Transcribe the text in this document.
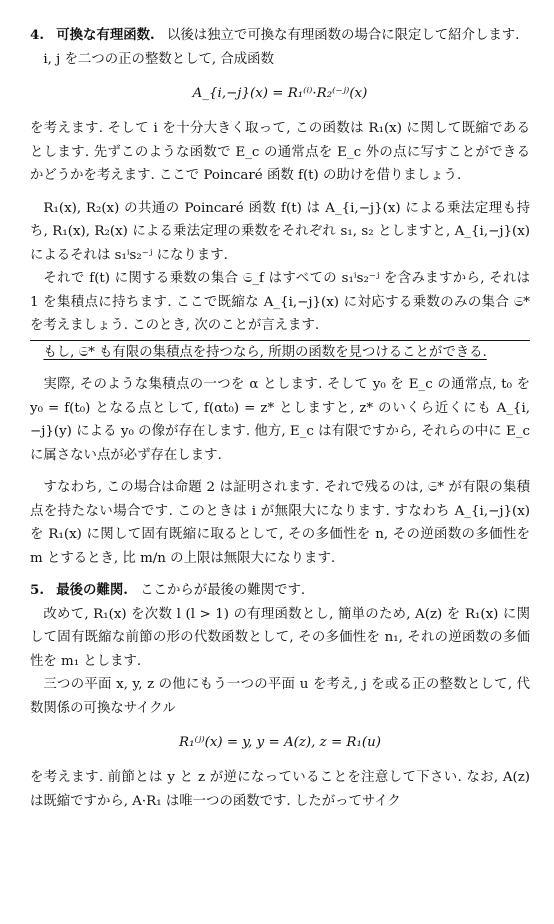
4. 可換な有理函数. 以後は独立で可換な有理函数の場合に限定して紹介します.

i, j を二つの正の整数として, 合成函数

A_{i,−j}(x) = R₁⁽ⁱ⁾·R₂⁽⁻ʲ⁾(x)

を考えます. そして i を十分大きく取って, この函数は R₁(x) に関して既縮であるとします. 先ずこのような函数で E_c の通常点を E_c 外の点に写すことができるかどうかを考えます. ここで Poincaré 函数 f(t) の助けを借りましょう.

R₁(x), R₂(x) の共通の Poincaré 函数 f(t) は A_{i,−j}(x) による乗法定理も持ち, R₁(x), R₂(x) による乗法定理の乗数をそれぞれ s₁, s₂ としますと, A_{i,−j}(x) によるそれは s₁ⁱs₂⁻ʲ になります.

それで f(t) に関する乗数の集合 𝔖_f はすべての s₁ⁱs₂⁻ʲ を含みますから, それは 1 を集積点に持ちます. ここで既縮な A_{i,−j}(x) に対応する乗数のみの集合 𝔖* を考えましょう. このとき, 次のことが言えます.

もし, 𝔖* も有限の集積点を持つなら, 所期の函数を見つけることができる.

実際, そのような集積点の一つを α とします. そして y₀ を E_c の通常点, t₀ を y₀ = f(t₀) となる点として, f(αt₀) = z* としますと, z* のいくら近くにも A_{i,−j}(y) による y₀ の像が存在します. 他方, E_c は有限ですから, それらの中に E_c に属さない点が必ず存在します.

すなわち, この場合は命題 2 は証明されます. それで残るのは, 𝔖* が有限の集積点を持たない場合です. このときは i が無限大になります. すなわち A_{i,−j}(x) を R₁(x) に関して固有既縮に取るとして, その多価性を n, その逆函数の多価性を m とするとき, 比 m/n の上限は無限大になります.

5. 最後の難関. ここからが最後の難関です.

改めて, R₁(x) を次数 l (l > 1) の有理函数とし, 簡単のため, A(z) を R₁(x) に関して固有既縮な前節の形の代数函数として, その多価性を n₁, それの逆函数の多価性を m₁ とします.

三つの平面 x, y, z の他にもう一つの平面 u を考え, j を或る正の整数として, 代数関係の可換なサイクル

R₁⁽ʲ⁾(x) = y, y = A(z), z = R₁(u)

を考えます. 前節とは y と z が逆になっていることを注意して下さい. なお, A(z) は既縮ですから, A·R₁ は唯一つの函数です. したがってサイク
